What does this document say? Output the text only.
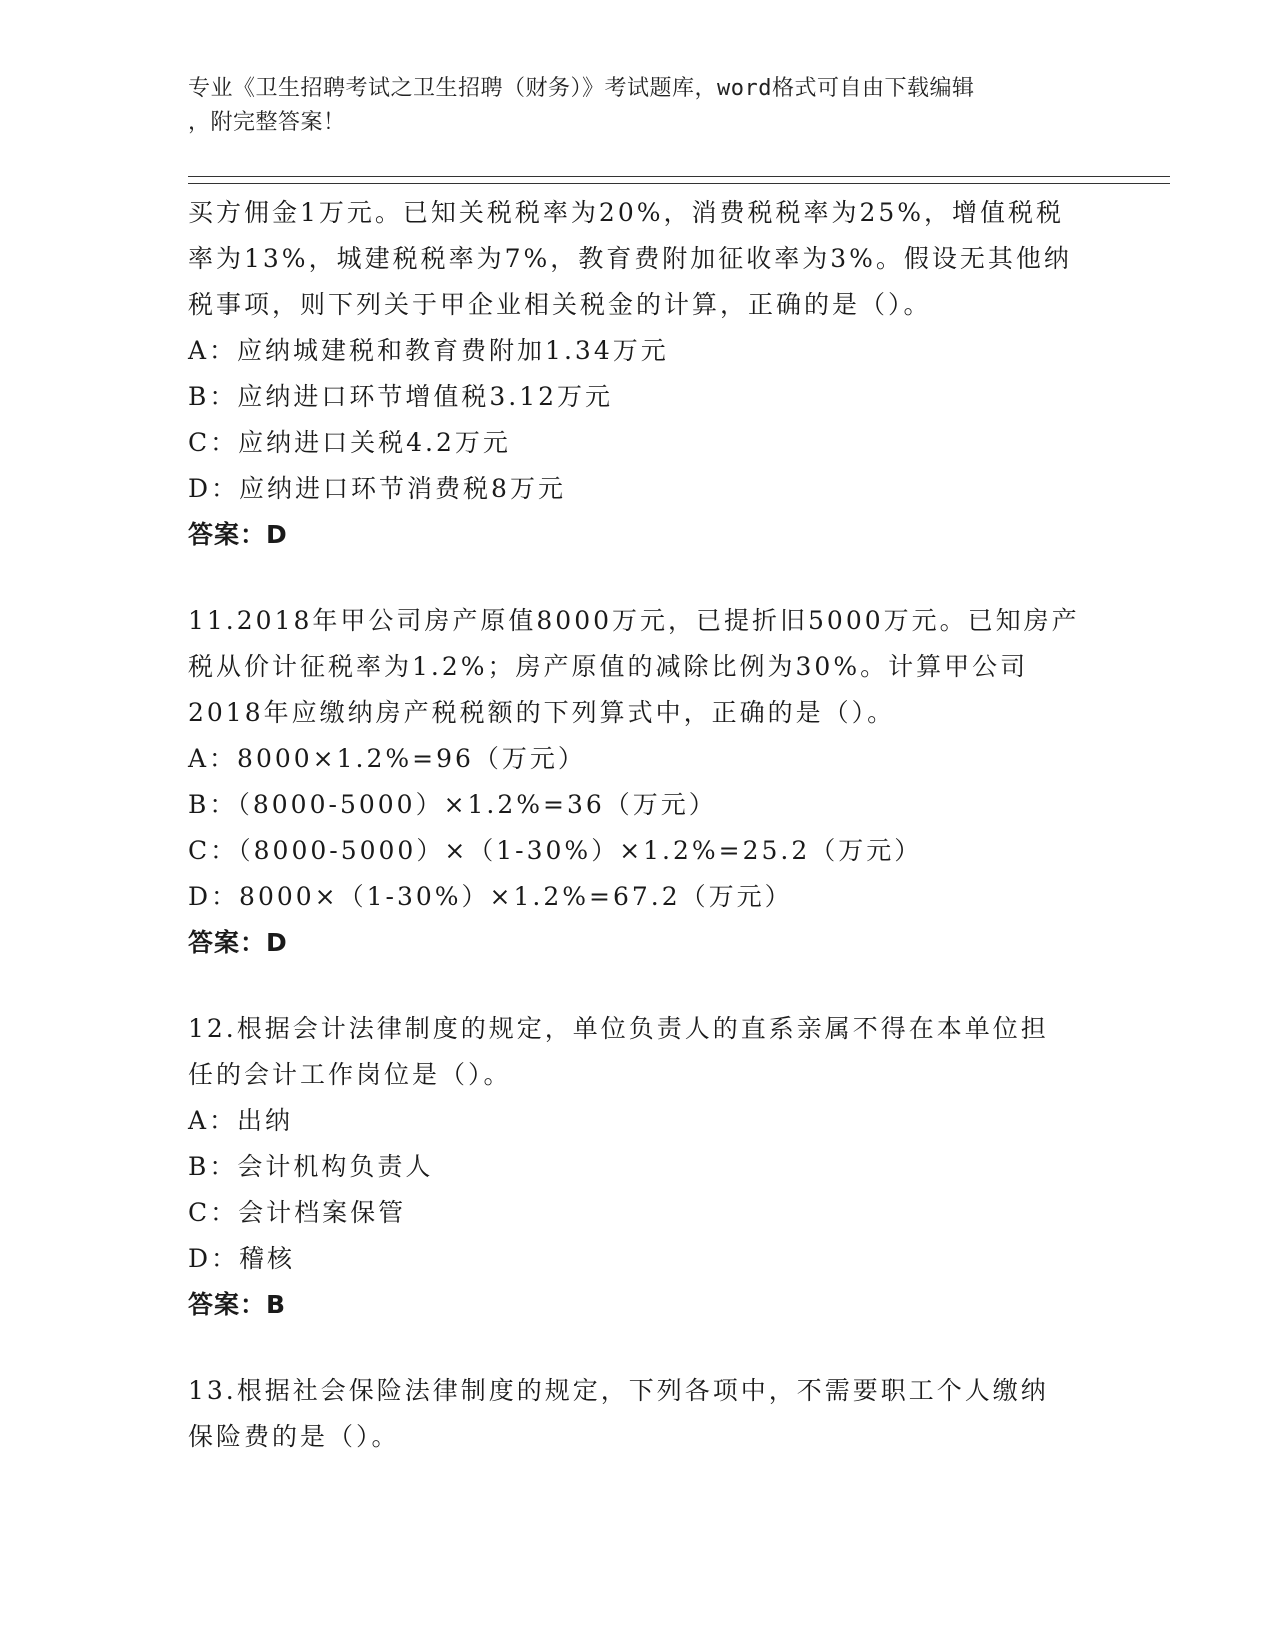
专业《卫生招聘考试之卫生招聘（财务）》考试题库，word格式可自由下载编辑
，附完整答案！
买方佣金1万元。已知关税税率为20%，消费税税率为25%，增值税税
率为13%，城建税税率为7%，教育费附加征收率为3%。假设无其他纳
税事项，则下列关于甲企业相关税金的计算，正确的是（）。
A：应纳城建税和教育费附加1.34万元
B：应纳进口环节增值税3.12万元
C：应纳进口关税4.2万元
D：应纳进口环节消费税8万元
答案：D
11.2018年甲公司房产原值8000万元，已提折旧5000万元。已知房产
税从价计征税率为1.2%；房产原值的减除比例为30%。计算甲公司
2018年应缴纳房产税税额的下列算式中，正确的是（）。
A：8000×1.2%=96（万元）
B：（8000-5000）×1.2%=36（万元）
C：（8000-5000）×（1-30%）×1.2%=25.2（万元）
D：8000×（1-30%）×1.2%=67.2（万元）
答案：D
12.根据会计法律制度的规定，单位负责人的直系亲属不得在本单位担
任的会计工作岗位是（）。
A：出纳
B：会计机构负责人
C：会计档案保管
D：稽核
答案：B
13.根据社会保险法律制度的规定，下列各项中，不需要职工个人缴纳
保险费的是（）。
